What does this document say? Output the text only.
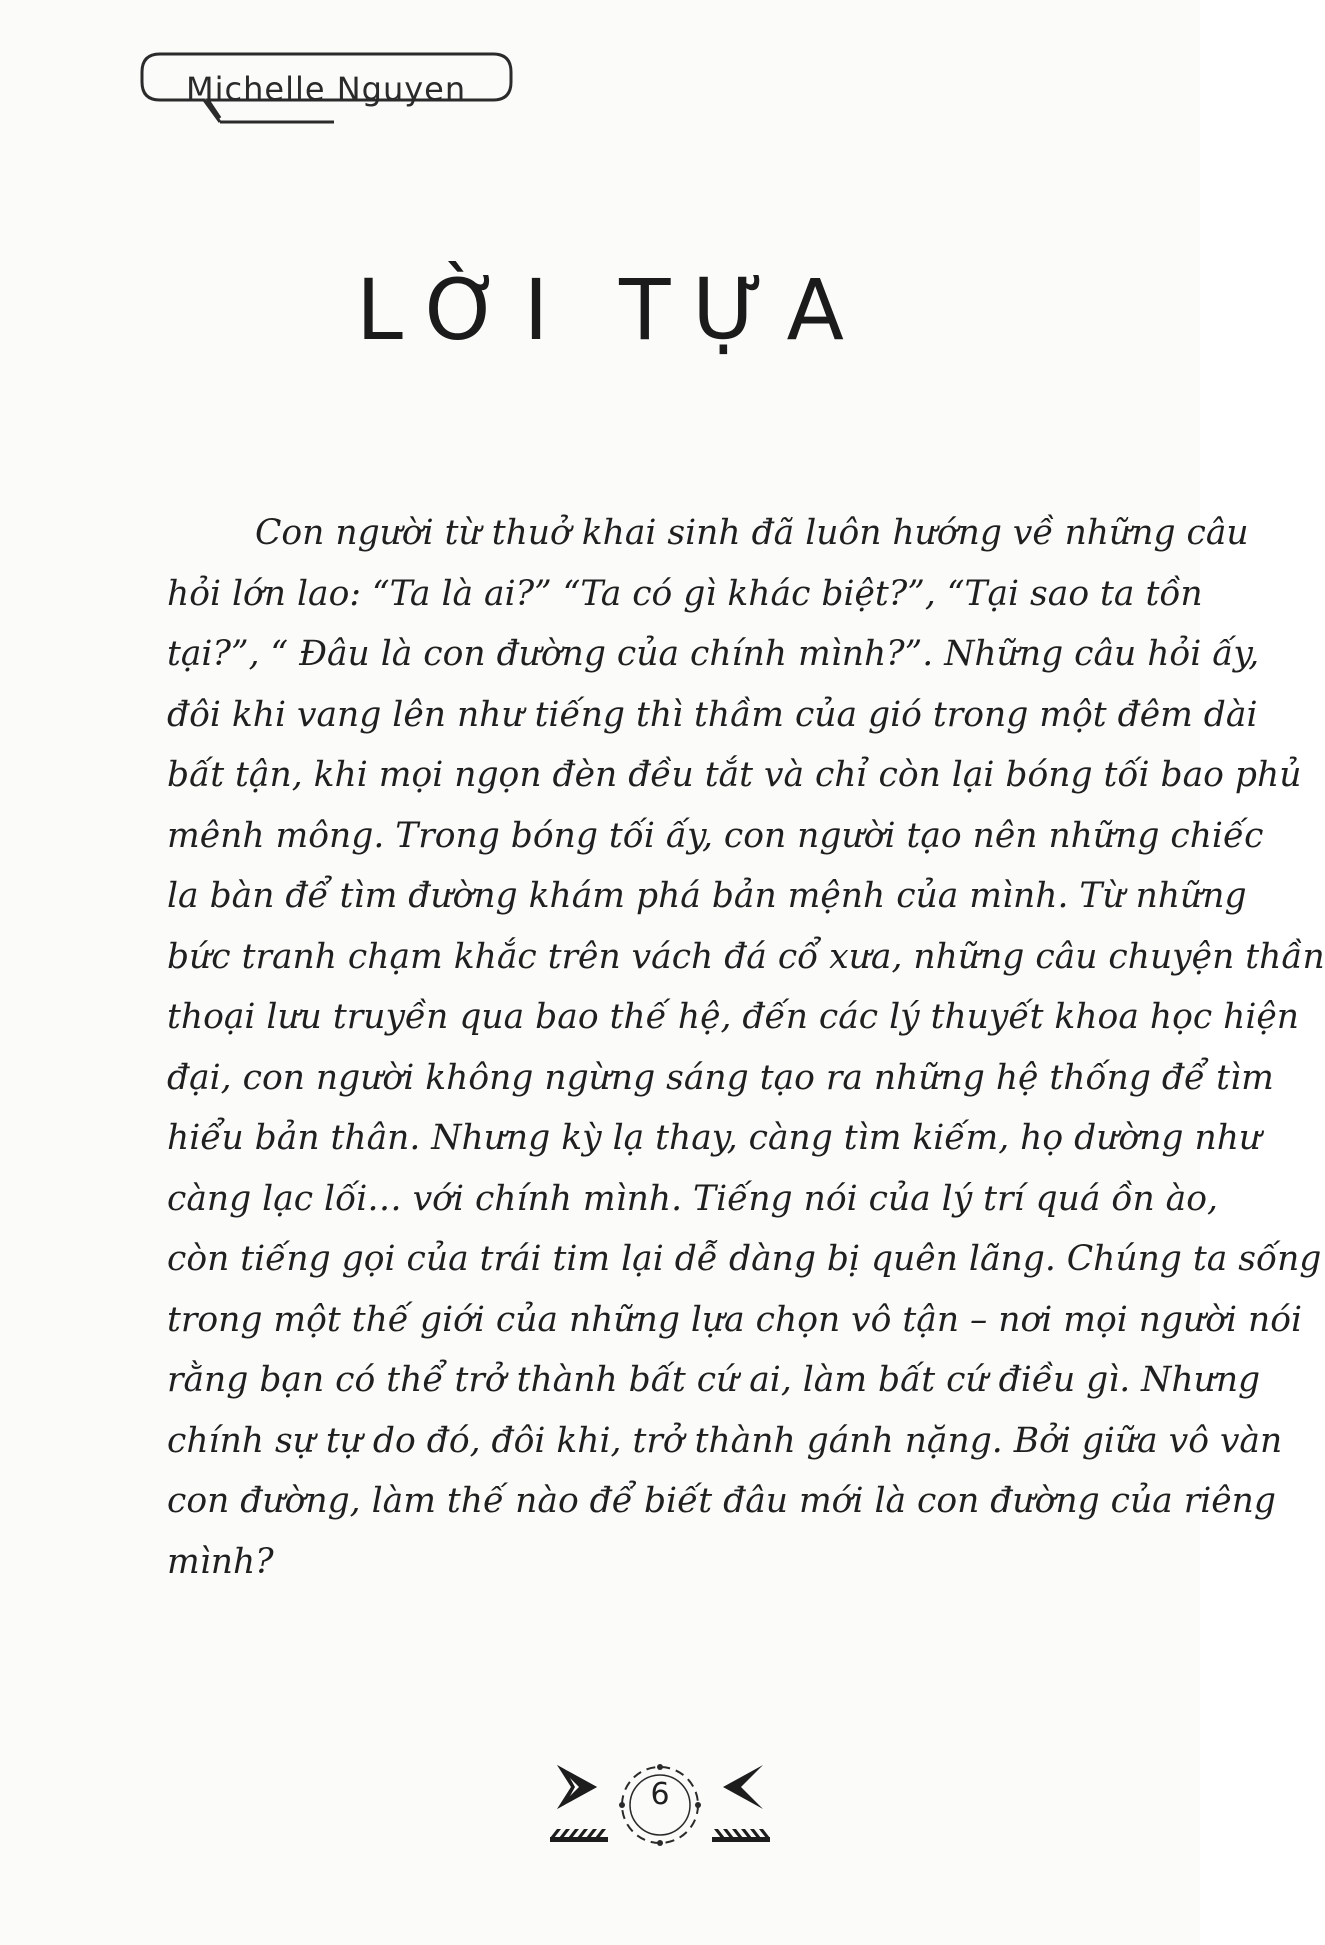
Michelle Nguyen
LỜI TỰA
Con người từ thuở khai sinh đã luôn hướng về những câu
hỏi lớn lao: “Ta là ai?” “Ta có gì khác biệt?”, “Tại sao ta tồn
tại?”, “ Đâu là con đường của chính mình?”. Những câu hỏi ấy,
đôi khi vang lên như tiếng thì thầm của gió trong một đêm dài
bất tận, khi mọi ngọn đèn đều tắt và chỉ còn lại bóng tối bao phủ
mênh mông. Trong bóng tối ấy, con người tạo nên những chiếc
la bàn để tìm đường khám phá bản mệnh của mình. Từ những
bức tranh chạm khắc trên vách đá cổ xưa, những câu chuyện thần
thoại lưu truyền qua bao thế hệ, đến các lý thuyết khoa học hiện
đại, con người không ngừng sáng tạo ra những hệ thống để tìm
hiểu bản thân. Nhưng kỳ lạ thay, càng tìm kiếm, họ dường như
càng lạc lối… với chính mình. Tiếng nói của lý trí quá ồn ào,
còn tiếng gọi của trái tim lại dễ dàng bị quên lãng. Chúng ta sống
trong một thế giới của những lựa chọn vô tận – nơi mọi người nói
rằng bạn có thể trở thành bất cứ ai, làm bất cứ điều gì. Nhưng
chính sự tự do đó, đôi khi, trở thành gánh nặng. Bởi giữa vô vàn
con đường, làm thế nào để biết đâu mới là con đường của riêng
mình?
6
